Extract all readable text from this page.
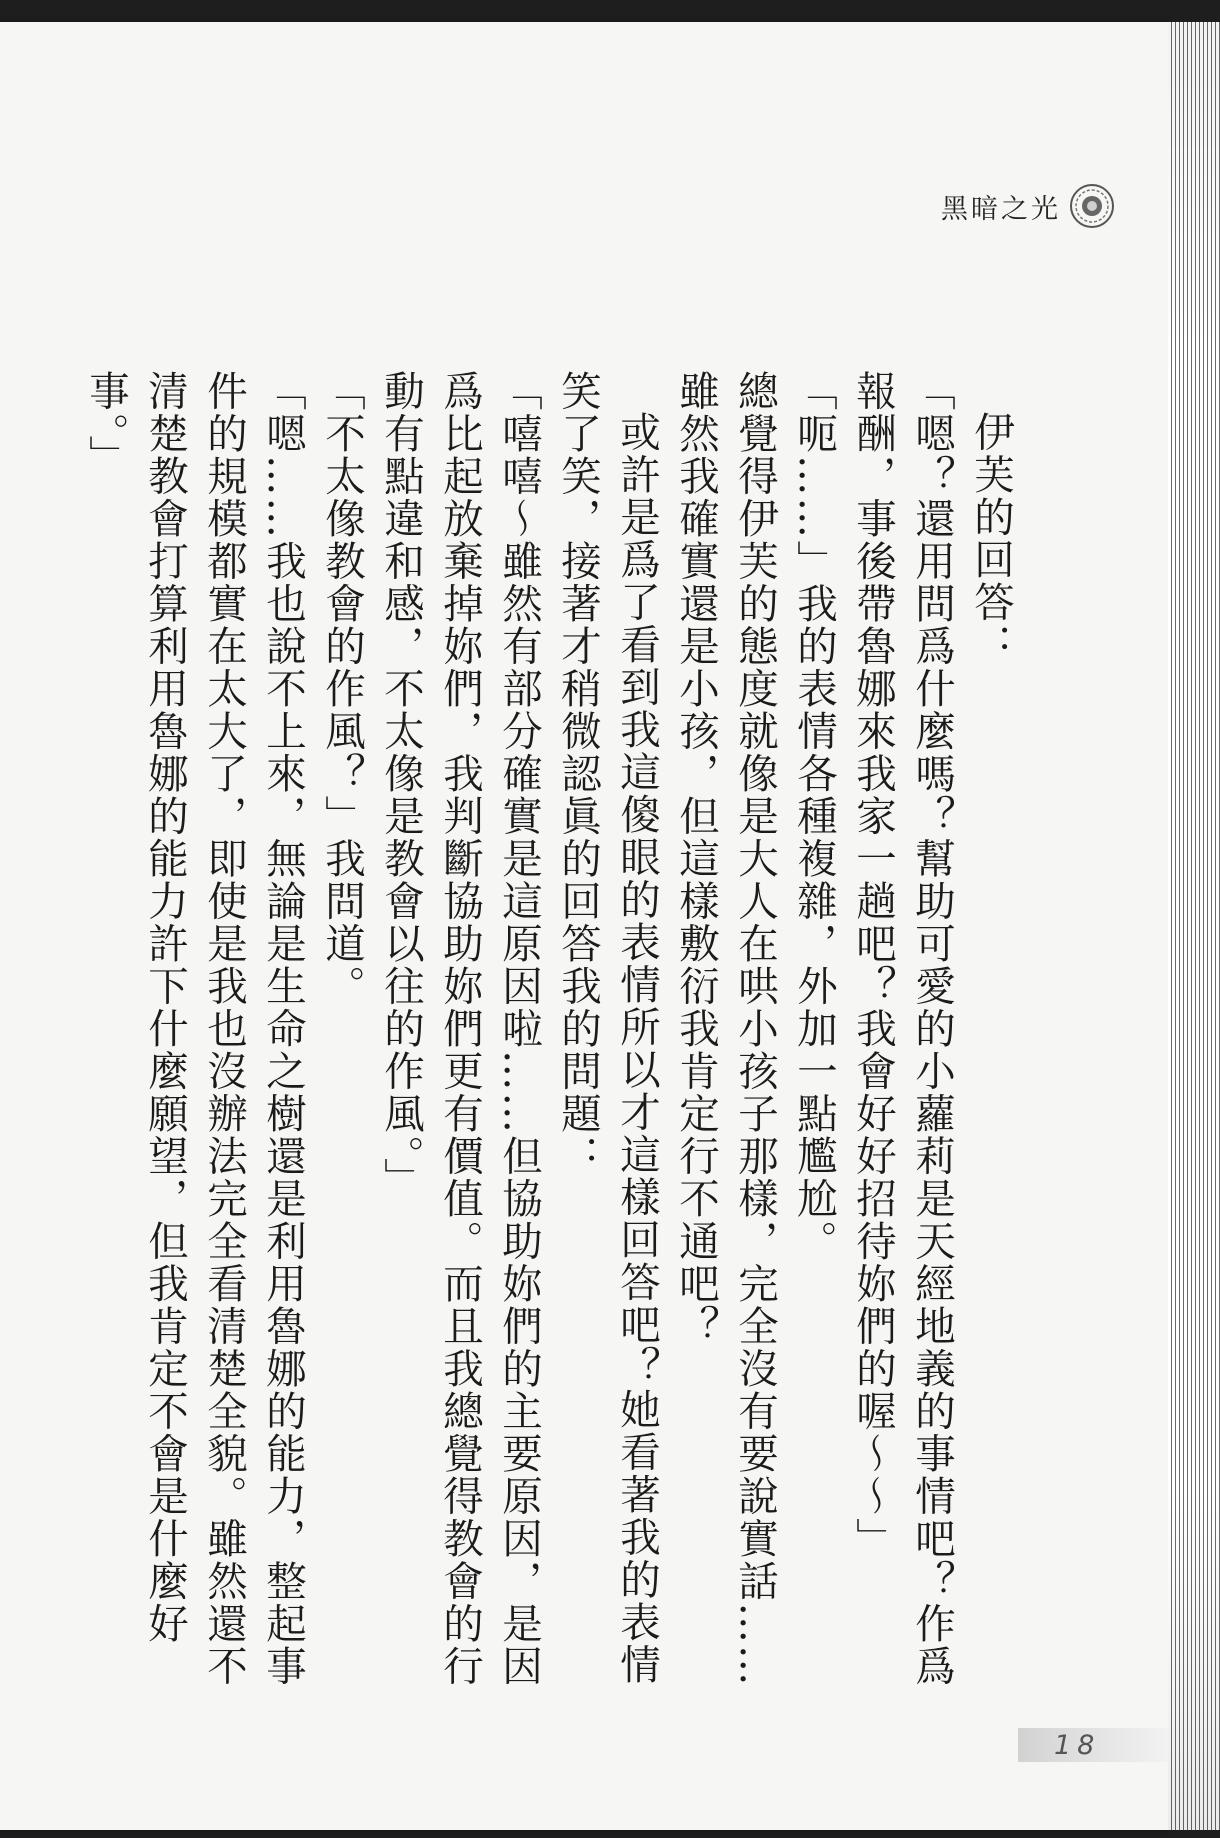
黑暗之光

伊芙的回答：

「嗯？還用問爲什麼嗎？幫助可愛的小蘿莉是天經地義的事情吧？作爲報酬，事後帶魯娜來我家一趟吧？我會好好招待妳們的喔～～」

「呃……」我的表情各種複雜，外加一點尷尬。

總覺得伊芙的態度就像是大人在哄小孩子那樣，完全沒有要說實話……雖然我確實還是小孩，但這樣敷衍我肯定行不通吧？

或許是爲了看到我這傻眼的表情所以才這樣回答吧？她看著我的表情笑了笑，接著才稍微認眞的回答我的問題：

「嘻嘻～雖然有部分確實是這原因啦……但協助妳們的主要原因，是因爲比起放棄掉妳們，我判斷協助妳們更有價值。而且我總覺得教會的行動有點違和感，不太像是教會以往的作風。」

「不太像教會的作風？」我問道。

「嗯……我也說不上來，無論是生命之樹還是利用魯娜的能力，整起事件的規模都實在太大了，即使是我也沒辦法完全看清楚全貌。雖然還不清楚教會打算利用魯娜的能力許下什麼願望，但我肯定不會是什麼好事。」

18
